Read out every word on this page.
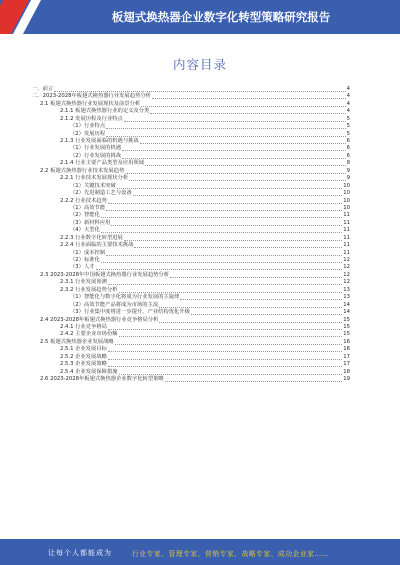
板翅式换热器企业数字化转型策略研究报告
内容目录
一、前言	4
二、2023-2028年板翅式换热器行业发展趋势分析	4
2.1 板翅式换热器行业发展现状及前景分析	4
2.1.1 板翅式换热器行业的定义及分类	4
2.1.2 发展历程及行业特点	5
（1）行业特点	5
（2）发展历程	5
2.1.3 行业发展面临的机遇与挑战	6
（1）行业发展的机遇	6
（2）行业发展的挑战	6
2.1.4 行业主要产品类型及应用领域	8
2.2 板翅式换热器行业技术发展趋势	9
2.2.1 行业技术发展现状分析	9
（1）关键技术突破	10
（2）先进制造工艺与设备	10
2.2.2 行业技术趋势	10
（1）高效节能	10
（2）智能化	11
（3）新材料应用	11
（4）大型化	11
2.2.3 行业数字化转型进展	11
2.2.4 行业面临的主要技术挑战	11
（1）成本控制	11
（2）标准化	12
（3）人才	12
2.3 2023-2028年中国板翅式换热器行业发展趋势分析	12
2.3.1 行业发展预测	12
2.3.2 行业发展趋势分析	13
（1）智能化与数字化将成为行业发展的主旋律	13
（2）高效节能产品将成为市场的主流	14
（3）行业集中度将进一步提升，产业结构优化升级	14
2.4 2023-2028年板翅式换热器行业竞争格局分析	15
2.4.1 行业竞争格局	15
2.4.2 主要企业市场份额	15
2.5 板翅式换热器企业发展战略	16
2.5.1 企业发展目标	16
2.5.2 企业发展战略	17
2.5.3 企业发展策略	17
2.5.4 企业发展保障措施	18
2.6 2023-2028年板翅式换热器企业数字化转型策略	19
让每个人都能成为	行业专家、管理专家、营销专家、战略专家、成功企业家……
